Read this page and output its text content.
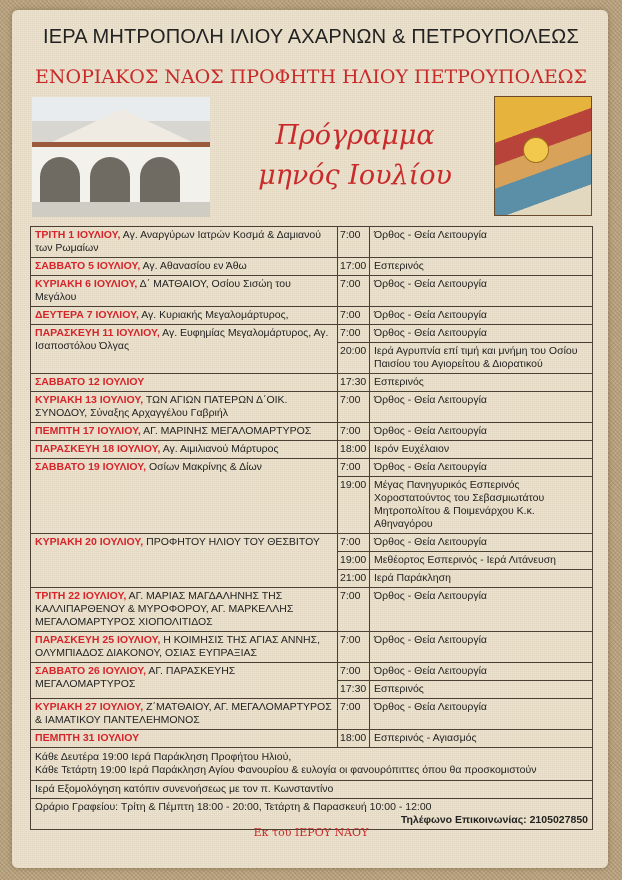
ΙΕΡΑ ΜΗΤΡΟΠΟΛΗ ΙΛΙΟΥ ΑΧΑΡΝΩΝ & ΠΕΤΡΟΥΠΟΛΕΩΣ
ΕΝΟΡΙΑΚΟΣ ΝΑΟΣ ΠΡΟΦΗΤΗ ΗΛΙΟΥ ΠΕΤΡΟΥΠΟΛΕΩΣ
Πρόγραμμα
μηνός Ιουλίου
ΤΡΙΤΗ 1 ΙΟΥΛΙΟΥ, Αγ. Αναργύρων Ιατρών Κοσμά & Δαμιανού των Ρωμαίων	7:00	Όρθος - Θεία Λειτουργία
ΣΑΒΒΑΤΟ 5 ΙΟΥΛΙΟΥ, Αγ. Αθανασίου εν Άθω	17:00	Εσπερινός
ΚΥΡΙΑΚΗ 6 ΙΟΥΛΙΟΥ, Δ΄ ΜΑΤΘΑΙΟΥ, Οσίου Σισώη του Μεγάλου	7:00	Όρθος - Θεία Λειτουργία
ΔΕΥΤΕΡΑ 7 ΙΟΥΛΙΟΥ, Αγ. Κυριακής Μεγαλομάρτυρος,	7:00	Όρθος - Θεία Λειτουργία
ΠΑΡΑΣΚΕΥΗ 11 ΙΟΥΛΙΟΥ, Αγ. Ευφημίας Μεγαλομάρτυρος, Αγ. Ισαποστόλου Όλγας	7:00	Όρθος - Θεία Λειτουργία
	20:00	Ιερά Αγρυπνία επί τιμή και μνήμη του Οσίου Παισίου του Αγιορείτου & Διορατικού
ΣΑΒΒΑΤΟ 12 ΙΟΥΛΙΟΥ	17:30	Εσπερινός
ΚΥΡΙΑΚΗ 13 ΙΟΥΛΙΟΥ, ΤΩΝ ΑΓΙΩΝ ΠΑΤΕΡΩΝ Δ΄ΟΙΚ. ΣΥΝΟΔΟΥ, Σύναξης Αρχαγγέλου Γαβριήλ	7:00	Όρθος - Θεία Λειτουργία
ΠΕΜΠΤΗ 17 ΙΟΥΛΙΟΥ, ΑΓ. ΜΑΡΙΝΗΣ ΜΕΓΑΛΟΜΑΡΤΥΡΟΣ	7:00	Όρθος - Θεία Λειτουργία
ΠΑΡΑΣΚΕΥΗ 18 ΙΟΥΛΙΟΥ, Αγ. Αιμιλιανού Μάρτυρος	18:00	Ιερόν Ευχέλαιον
ΣΑΒΒΑΤΟ 19 ΙΟΥΛΙΟΥ, Οσίων Μακρίνης & Δίων	7:00	Όρθος - Θεία Λειτουργία
	19:00	Μέγας Πανηγυρικός Εσπερινός Χοροστατούντος του Σεβασμιωτάτου Μητροπολίτου & Ποιμενάρχου Κ.κ. Αθηναγόρου
ΚΥΡΙΑΚΗ 20 ΙΟΥΛΙΟΥ, ΠΡΟΦΗΤΟΥ ΗΛΙΟΥ ΤΟΥ ΘΕΣΒΙΤΟΥ	7:00	Όρθος - Θεία Λειτουργία
	19:00	Μεθέορτος Εσπερινός - Ιερά Λιτάνευση
	21:00	Ιερά Παράκληση
ΤΡΙΤΗ 22 ΙΟΥΛΙΟΥ, ΑΓ. ΜΑΡΙΑΣ ΜΑΓΔΑΛΗΝΗΣ ΤΗΣ ΚΑΛΛΙΠΑΡΘΕΝΟΥ & ΜΥΡΟΦΟΡΟΥ, ΑΓ. ΜΑΡΚΕΛΛΗΣ ΜΕΓΑΛΟΜΑΡΤΥΡΟΣ ΧΙΟΠΟΛΙΤΙΔΟΣ	7:00	Όρθος - Θεία Λειτουργία
ΠΑΡΑΣΚΕΥΗ 25 ΙΟΥΛΙΟΥ, Η ΚΟΙΜΗΣΙΣ ΤΗΣ ΑΓΙΑΣ ΑΝΝΗΣ, ΟΛΥΜΠΙΑΔΟΣ ΔΙΑΚΟΝΟΥ, ΟΣΙΑΣ ΕΥΠΡΑΞΙΑΣ	7:00	Όρθος - Θεία Λειτουργία
ΣΑΒΒΑΤΟ 26 ΙΟΥΛΙΟΥ, ΑΓ. ΠΑΡΑΣΚΕΥΗΣ ΜΕΓΑΛΟΜΑΡΤΥΡΟΣ	7:00	Όρθος - Θεία Λειτουργία
	17:30	Εσπερινός
ΚΥΡΙΑΚΗ 27 ΙΟΥΛΙΟΥ, Ζ΄ΜΑΤΘΑΙΟΥ, ΑΓ. ΜΕΓΑΛΟΜΑΡΤΥΡΟΣ & ΙΑΜΑΤΙΚΟΥ ΠΑΝΤΕΛΕΗΜΟΝΟΣ	7:00	Όρθος - Θεία Λειτουργία
ΠΕΜΠΤΗ 31 ΙΟΥΛΙΟΥ	18:00	Εσπερινός - Αγιασμός

Κάθε Δευτέρα 19:00 Ιερά Παράκληση Προφήτου Ηλιού,
Κάθε Τετάρτη 19:00 Ιερά Παράκληση Αγίου Φανουρίου & ευλογία οι φανουρόπιττες όπου θα προσκομιστούν		

Ιερά Εξομολόγηση κατόπιν συνενοήσεως με τον π. Κωνσταντίνο		

Ωράριο Γραφείου: Τρίτη & Πέμπτη 18:00 - 20:00, Τετάρτη & Παρασκευή 10:00 - 12:00
Τηλέφωνο Επικοινωνίας: 2105027850		
Εκ του ΙΕΡΟΥ ΝΑΟΥ
